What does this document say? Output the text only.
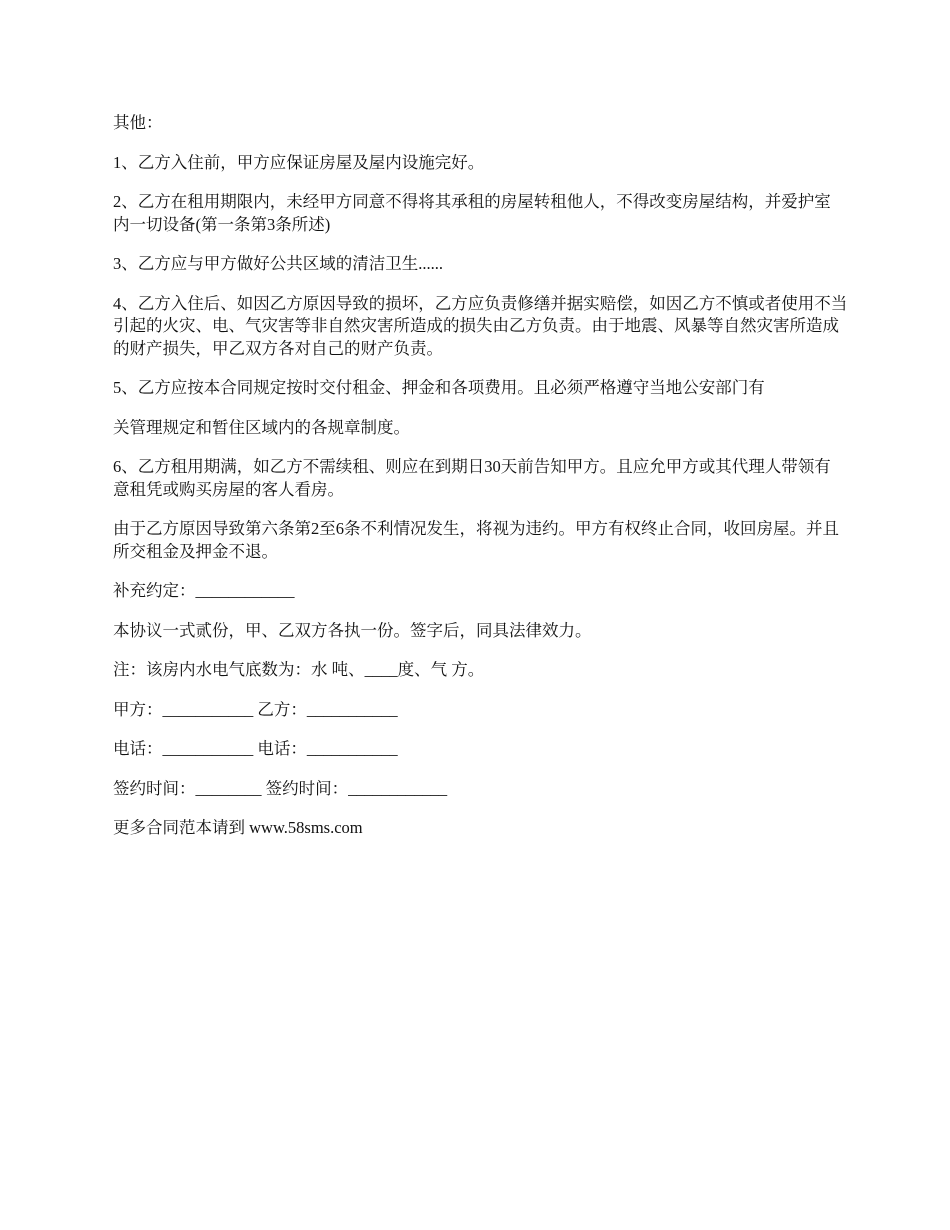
其他：

1、乙方入住前，甲方应保证房屋及屋内设施完好。

2、乙方在租用期限内，未经甲方同意不得将其承租的房屋转租他人，不得改变房屋结构，并爱护室内一切设备(第一条第3条所述)

3、乙方应与甲方做好公共区域的清洁卫生......

4、乙方入住后、如因乙方原因导致的损坏，乙方应负责修缮并据实赔偿，如因乙方不慎或者使用不当引起的火灾、电、气灾害等非自然灾害所造成的损失由乙方负责。由于地震、风暴等自然灾害所造成的财产损失，甲乙双方各对自己的财产负责。

5、乙方应按本合同规定按时交付租金、押金和各项费用。且必须严格遵守当地公安部门有

关管理规定和暂住区域内的各规章制度。

6、乙方租用期满，如乙方不需续租、则应在到期日30天前告知甲方。且应允甲方或其代理人带领有意租凭或购买房屋的客人看房。

由于乙方原因导致第六条第2至6条不利情况发生，将视为违约。甲方有权终止合同，收回房屋。并且所交租金及押金不退。

补充约定：____________

本协议一式贰份，甲、乙双方各执一份。签字后，同具法律效力。

注：该房内水电气底数为：水 吨、____度、气 方。

甲方：___________ 乙方：___________

电话：___________ 电话：___________

签约时间：________ 签约时间：____________

更多合同范本请到 www.58sms.com
